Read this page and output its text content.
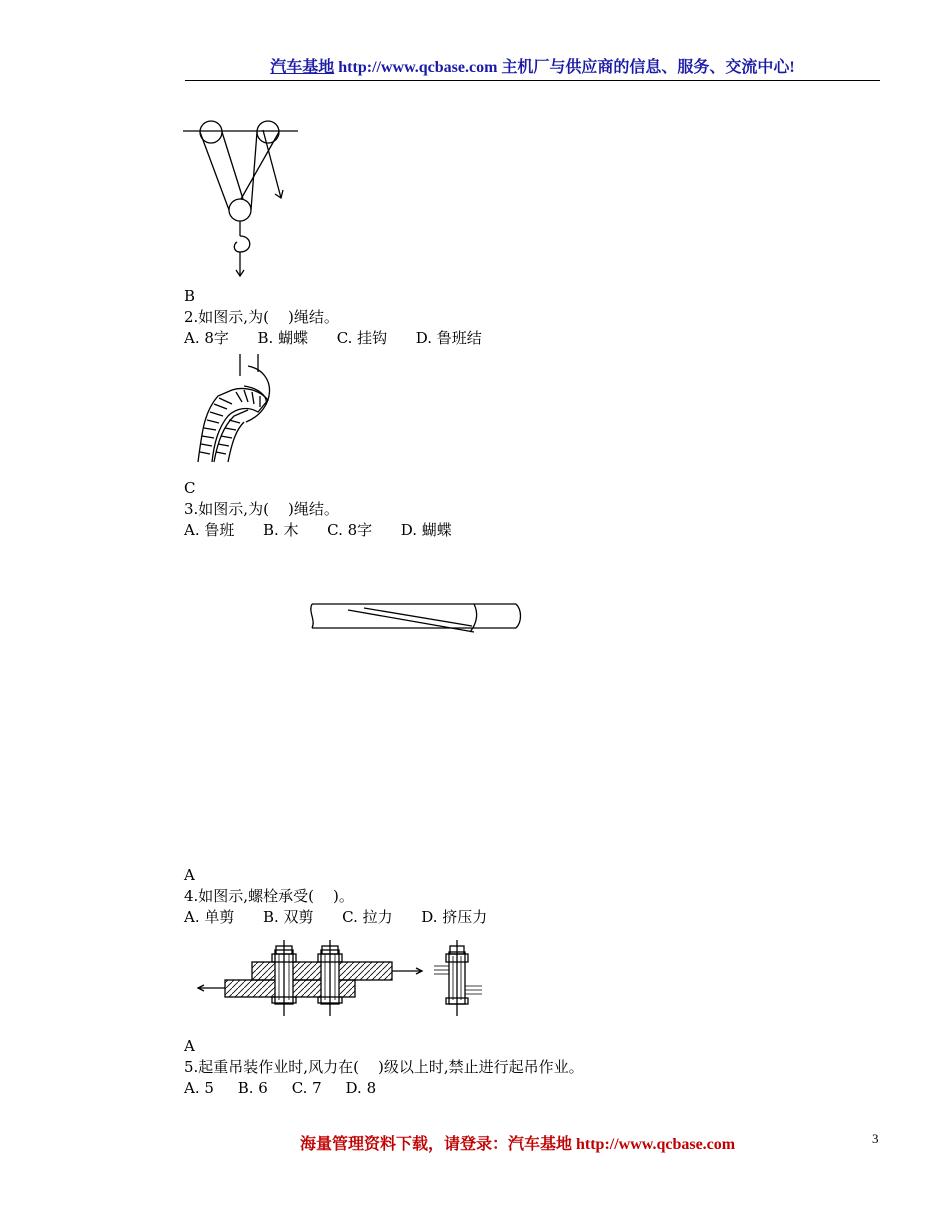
汽车基地 http://www.qcbase.com 主机厂与供应商的信息、服务、交流中心!
B
2.如图示,为(    )绳结。
A. 8字      B. 蝴蝶      C. 挂钩      D. 鲁班结
C
3.如图示,为(    )绳结。
A. 鲁班      B. 木      C. 8字      D. 蝴蝶
A
4.如图示,螺栓承受(    )。
A. 单剪      B. 双剪      C. 拉力      D. 挤压力
A
5.起重吊装作业时,风力在(    )级以上时,禁止进行起吊作业。
A. 5     B. 6     C. 7     D. 8
海量管理资料下载，请登录：汽车基地 http://www.qcbase.com	3
